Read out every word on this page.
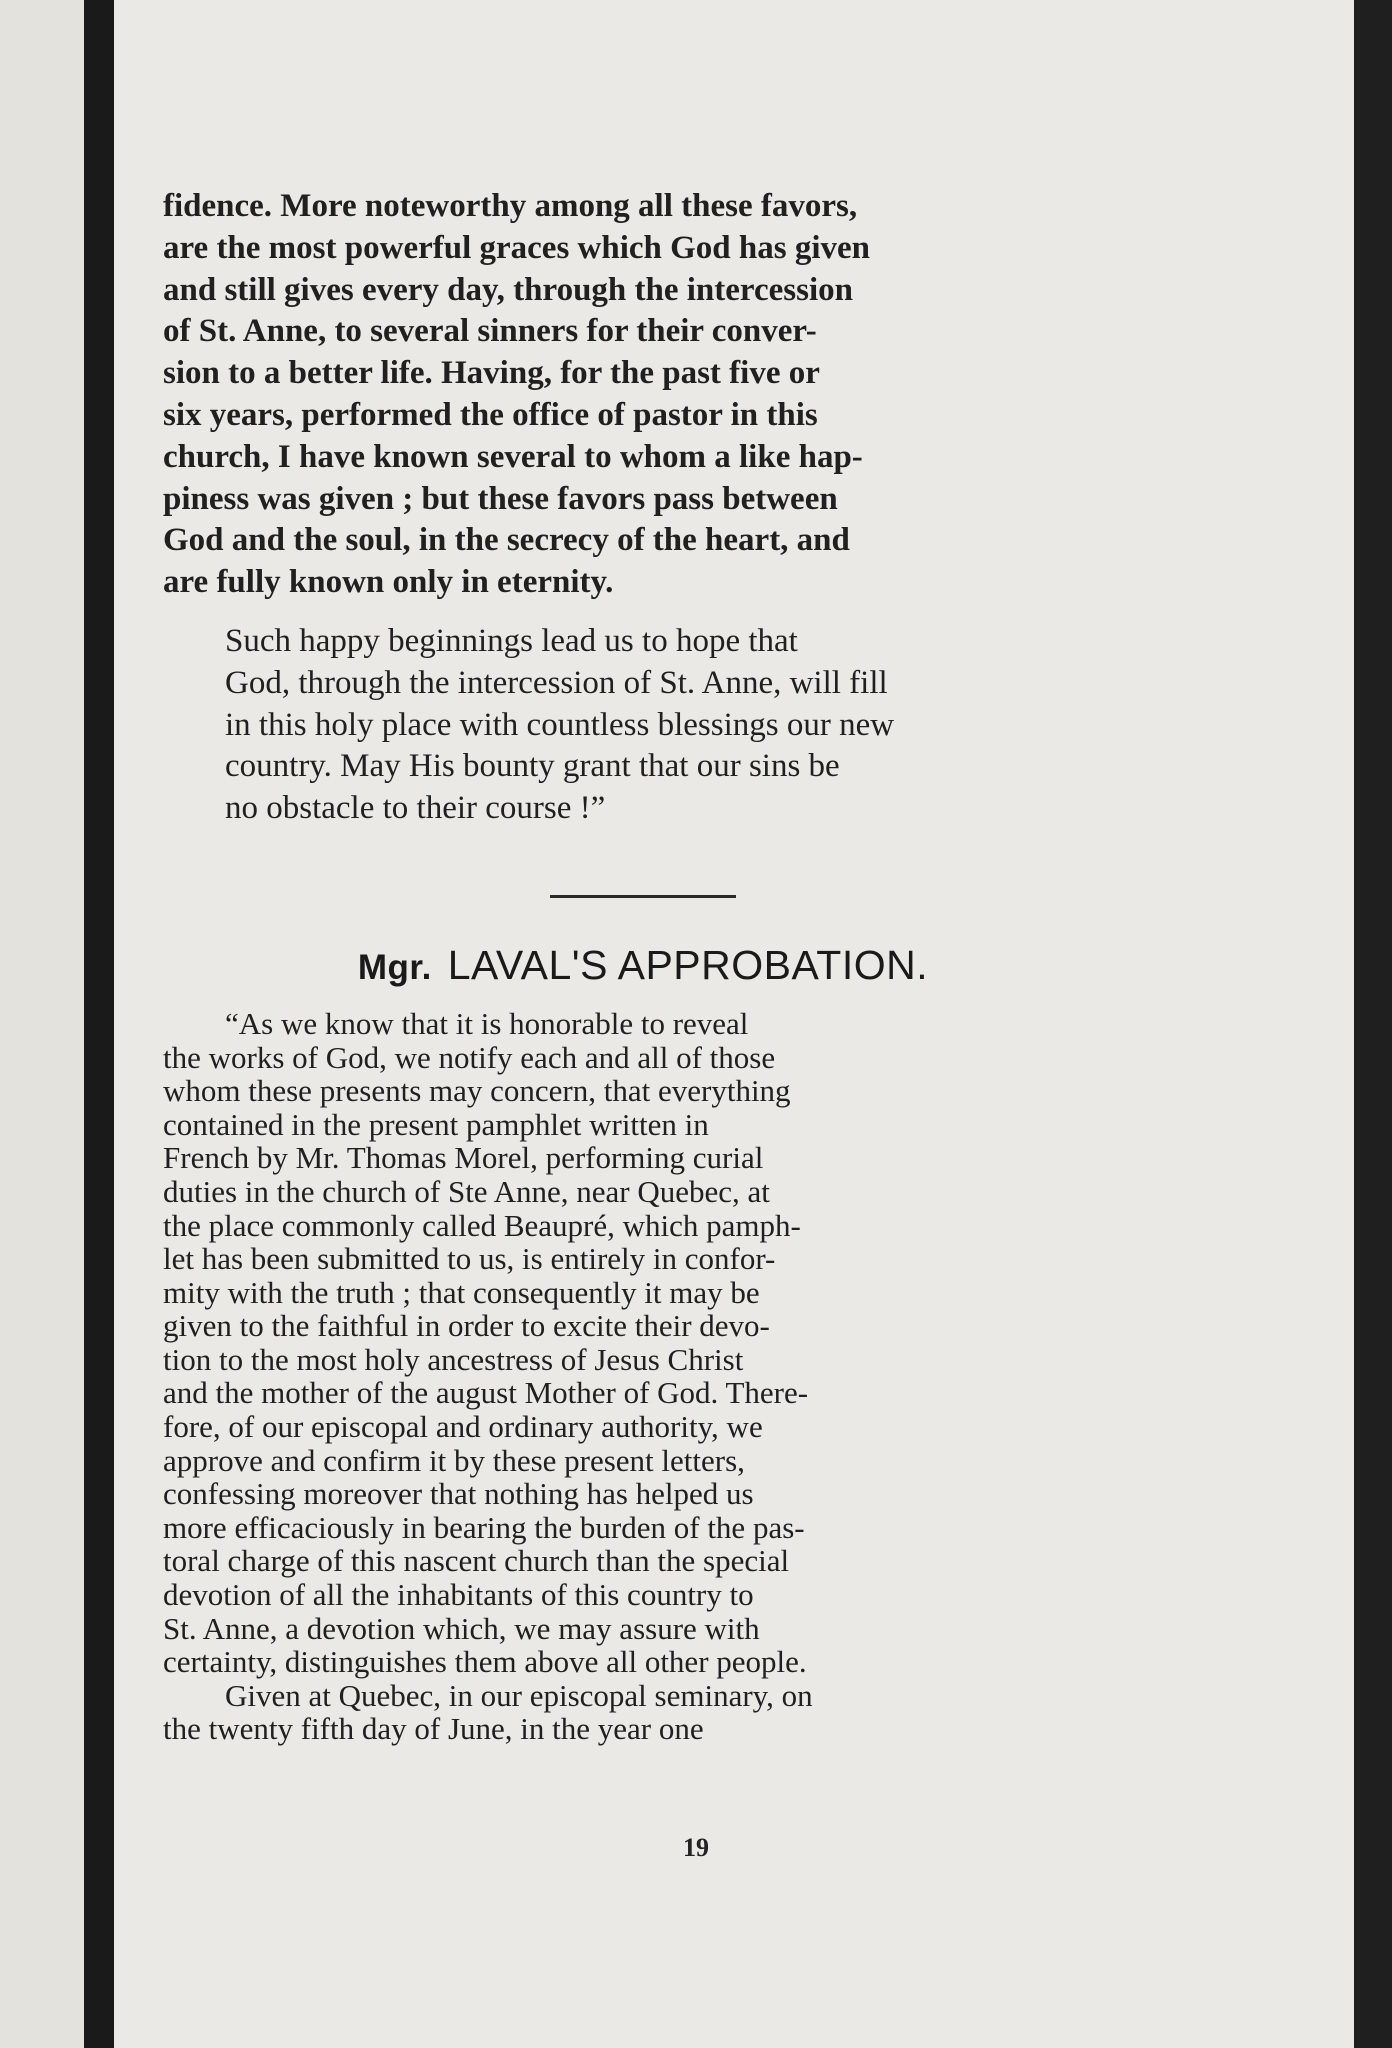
fidence. More noteworthy among all these favors,
are the most powerful graces which God has given
and still gives every day, through the intercession
of St. Anne, to several sinners for their conver-
sion to a better life. Having, for the past five or
six years, performed the office of pastor in this
church, I have known several to whom a like hap-
piness was given ; but these favors pass between
God and the soul, in the secrecy of the heart, and
are fully known only in eternity.

Such happy beginnings lead us to hope that
God, through the intercession of St. Anne, will fill
in this holy place with countless blessings our new
country. May His bounty grant that our sins be
no obstacle to their course !”

Mgr. LAVAL'S APPROBATION.

“As we know that it is honorable to reveal
the works of God, we notify each and all of those
whom these presents may concern, that everything
contained in the present pamphlet written in
French by Mr. Thomas Morel, performing curial
duties in the church of Ste Anne, near Quebec, at
the place commonly called Beaupré, which pamph-
let has been submitted to us, is entirely in confor-
mity with the truth ; that consequently it may be
given to the faithful in order to excite their devo-
tion to the most holy ancestress of Jesus Christ
and the mother of the august Mother of God. There-
fore, of our episcopal and ordinary authority, we
approve and confirm it by these present letters,
confessing moreover that nothing has helped us
more efficaciously in bearing the burden of the pas-
toral charge of this nascent church than the special
devotion of all the inhabitants of this country to
St. Anne, a devotion which, we may assure with
certainty, distinguishes them above all other people.

Given at Quebec, in our episcopal seminary, on
the twenty fifth day of June, in the year one

19
